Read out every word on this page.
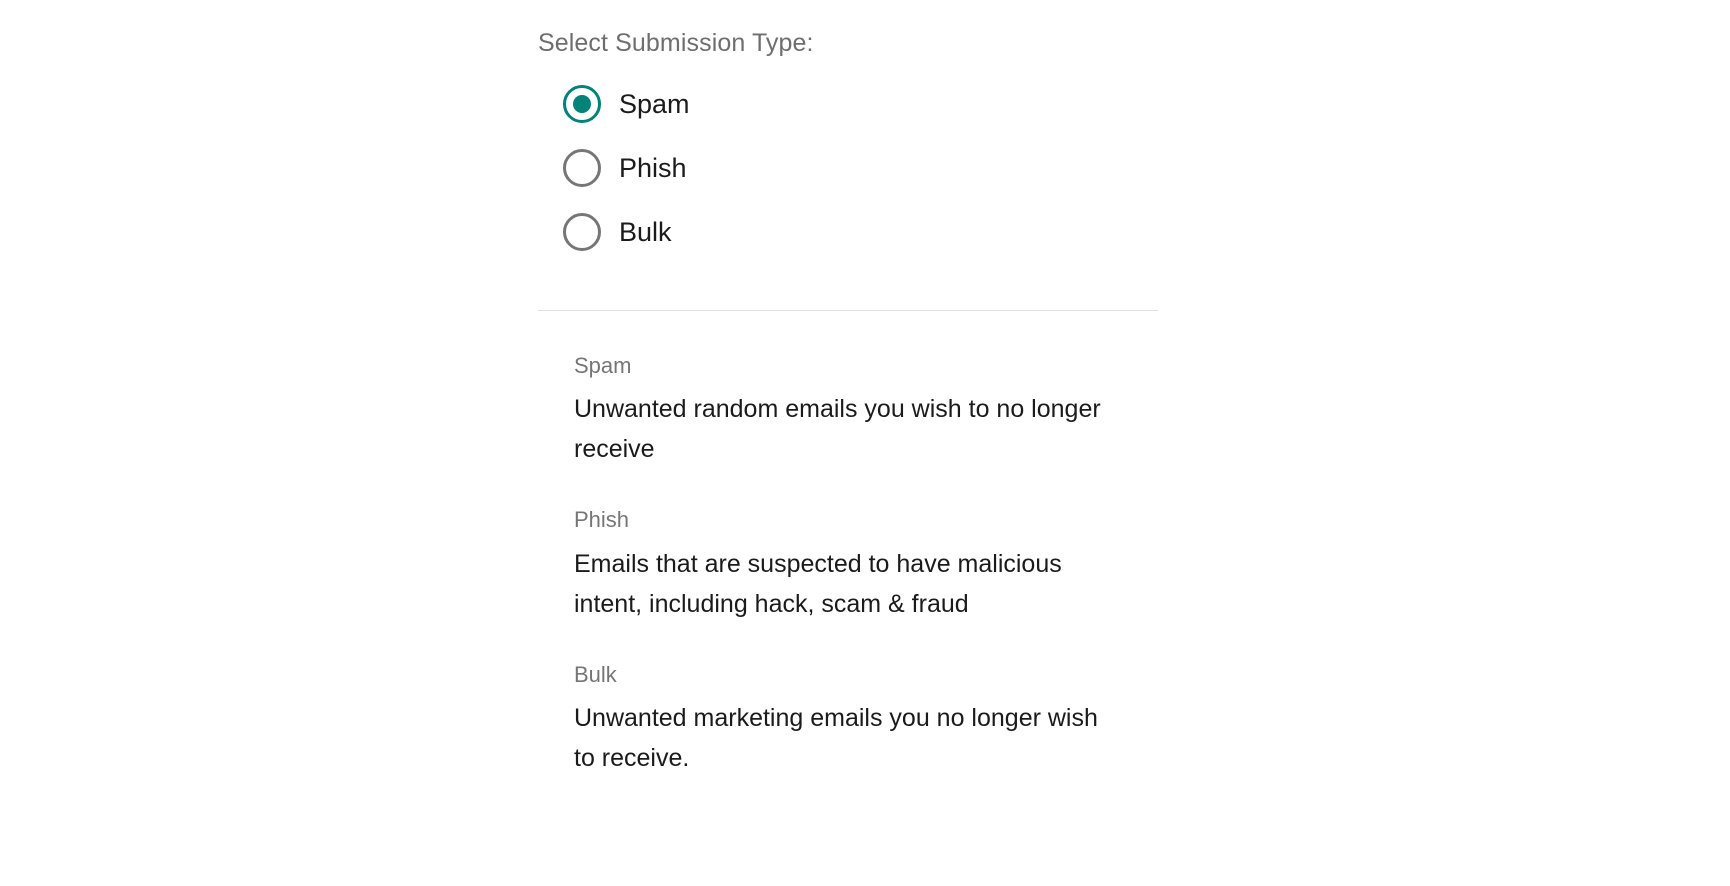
Select Submission Type:
Spam
Phish
Bulk
Spam
Unwanted random emails you wish to no longer receive
Phish
Emails that are suspected to have malicious intent, including hack, scam & fraud
Bulk
Unwanted marketing emails you no longer wish to receive.
